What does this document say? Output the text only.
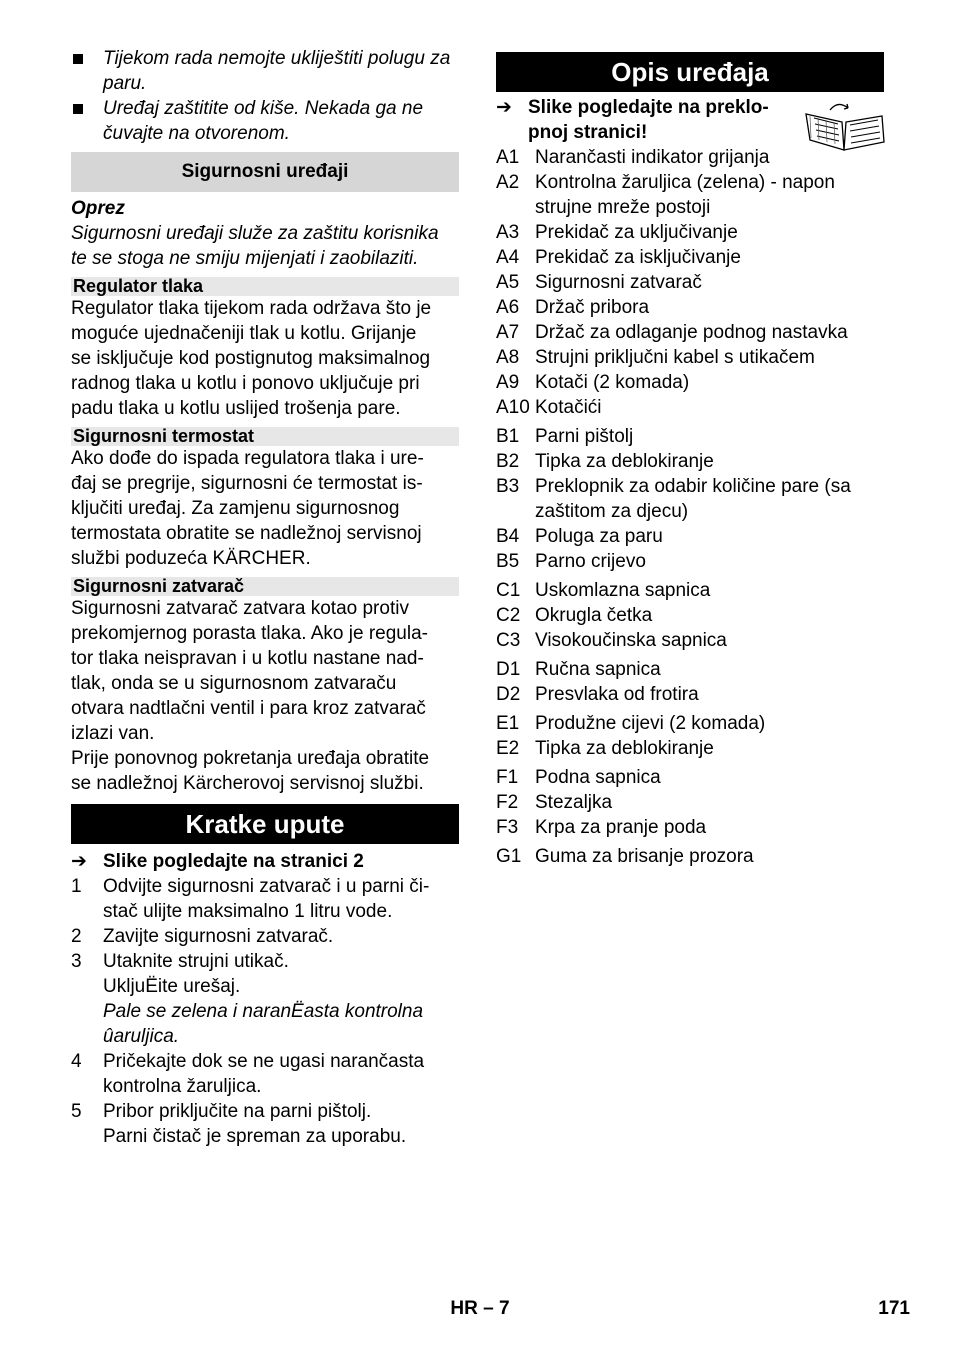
Tijekom rada nemojte ukliještiti polugu za paru.
Uređaj zaštitite od kiše. Nekada ga ne čuvajte na otvorenom.
Sigurnosni uređaji
Oprez
Sigurnosni uređaji služe za zaštitu korisnika
te se stoga ne smiju mijenjati i zaobilaziti.
Regulator tlaka
Regulator tlaka tijekom rada održava što je
moguće ujednačeniji tlak u kotlu. Grijanje
se isključuje kod postignutog maksimalnog
radnog tlaka u kotlu i ponovo uključuje pri
padu tlaka u kotlu uslijed trošenja pare.
Sigurnosni termostat
Ako dođe do ispada regulatora tlaka i ure-
đaj se pregrije, sigurnosni će termostat is-
ključiti uređaj. Za zamjenu sigurnosnog
termostata obratite se nadležnoj servisnoj
službi poduzeća KÄRCHER.
Sigurnosni zatvarač
Sigurnosni zatvarač zatvara kotao protiv
prekomjernog porasta tlaka. Ako je regula-
tor tlaka neispravan i u kotlu nastane nad-
tlak, onda se u sigurnosnom zatvaraču
otvara nadtlačni ventil i para kroz zatvarač
izlazi van.
Prije ponovnog pokretanja uređaja obratite
se nadležnoj Kärcherovoj servisnoj službi.
Kratke upute
➔ Slike pogledajte na stranici 2
1 Odvijte sigurnosni zatvarač i u parni či-
stač ulijte maksimalno 1 litru vode.
2 Zavijte sigurnosni zatvarač.
3 Utaknite strujni utikač.
UkljuËite urešaj.
Pale se zelena i naranËasta kontrolna
ûaruljica.
4 Pričekajte dok se ne ugasi narančasta
kontrolna žaruljica.
5 Pribor priključite na parni pištolj.
Parni čistač je spreman za uporabu.
Opis uređaja
➔ Slike pogledajte na preklo-
pnoj stranici!
A1 Narančasti indikator grijanja
A2 Kontrolna žaruljica (zelena) - napon
strujne mreže postoji
A3 Prekidač za uključivanje
A4 Prekidač za isključivanje
A5 Sigurnosni zatvarač
A6 Držač pribora
A7 Držač za odlaganje podnog nastavka
A8 Strujni priključni kabel s utikačem
A9 Kotači (2 komada)
A10 Kotačići
B1 Parni pištolj
B2 Tipka za deblokiranje
B3 Preklopnik za odabir količine pare (sa
zaštitom za djecu)
B4 Poluga za paru
B5 Parno crijevo
C1 Uskomlazna sapnica
C2 Okrugla četka
C3 Visokoučinska sapnica
D1 Ručna sapnica
D2 Presvlaka od frotira
E1 Produžne cijevi (2 komada)
E2 Tipka za deblokiranje
F1 Podna sapnica
F2 Stezaljka
F3 Krpa za pranje poda
G1 Guma za brisanje prozora
HR – 7	171
